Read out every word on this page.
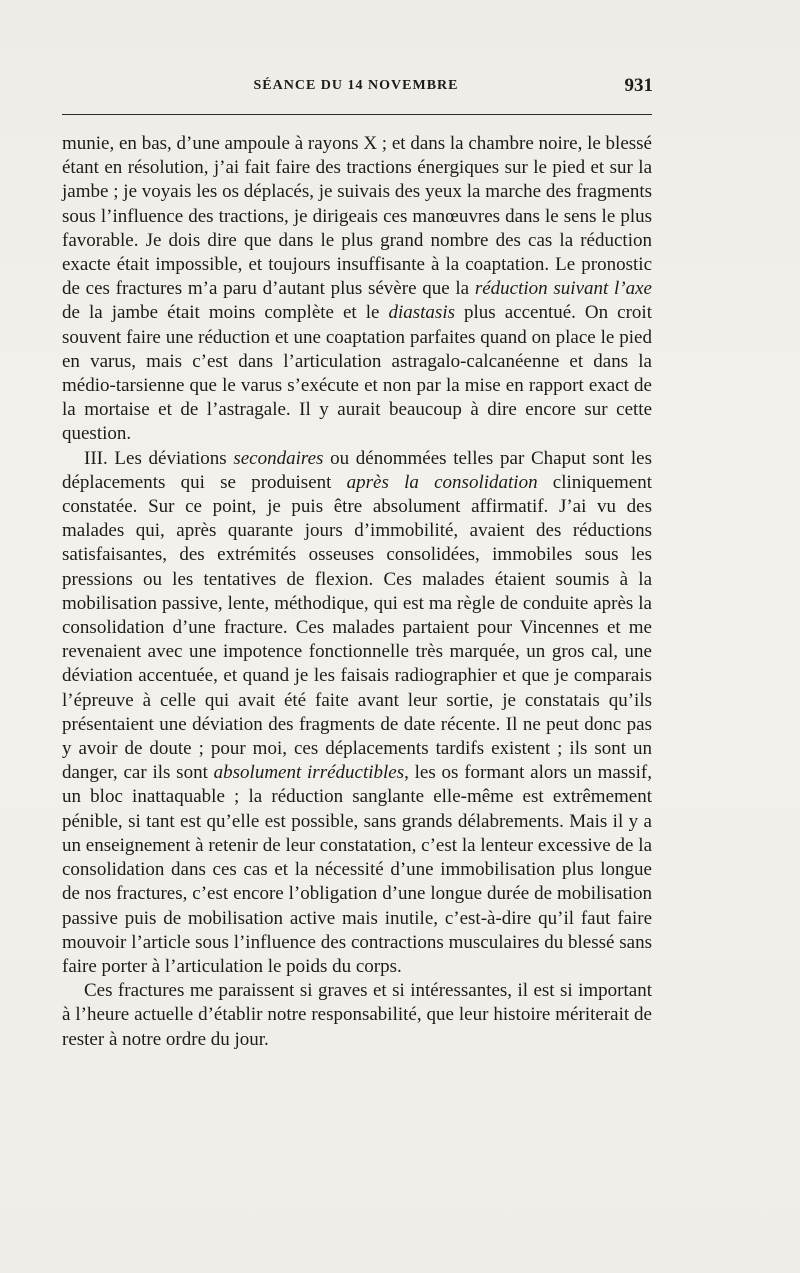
SÉANCE DU 14 NOVEMBRE	931

munie, en bas, d’une ampoule à rayons X ; et dans la chambre noire, le blessé étant en résolution, j’ai fait faire des tractions énergiques sur le pied et sur la jambe ; je voyais les os déplacés, je suivais des yeux la marche des fragments sous l’influence des tractions, je dirigeais ces manœuvres dans le sens le plus favorable. Je dois dire que dans le plus grand nombre des cas la réduction exacte était impossible, et toujours insuffisante à la coaptation. Le pronostic de ces fractures m’a paru d’autant plus sévère que la réduction suivant l’axe de la jambe était moins complète et le diastasis plus accentué. On croit souvent faire une réduction et une coaptation parfaites quand on place le pied en varus, mais c’est dans l’articulation astragalo-calcanéenne et dans la médio-tarsienne que le varus s’exécute et non par la mise en rapport exact de la mortaise et de l’astragale. Il y aurait beaucoup à dire encore sur cette question.

III. Les déviations secondaires ou dénommées telles par Chaput sont les déplacements qui se produisent après la consolidation cliniquement constatée. Sur ce point, je puis être absolument affirmatif. J’ai vu des malades qui, après quarante jours d’immobilité, avaient des réductions satisfaisantes, des extrémités osseuses consolidées, immobiles sous les pressions ou les tentatives de flexion. Ces malades étaient soumis à la mobilisation passive, lente, méthodique, qui est ma règle de conduite après la consolidation d’une fracture. Ces malades partaient pour Vincennes et me revenaient avec une impotence fonctionnelle très marquée, un gros cal, une déviation accentuée, et quand je les faisais radiographier et que je comparais l’épreuve à celle qui avait été faite avant leur sortie, je constatais qu’ils présentaient une déviation des fragments de date récente. Il ne peut donc pas y avoir de doute ; pour moi, ces déplacements tardifs existent ; ils sont un danger, car ils sont absolument irréductibles, les os formant alors un massif, un bloc inattaquable ; la réduction sanglante elle-même est extrêmement pénible, si tant est qu’elle est possible, sans grands délabrements. Mais il y a un enseignement à retenir de leur constatation, c’est la lenteur excessive de la consolidation dans ces cas et la nécessité d’une immobilisation plus longue de nos fractures, c’est encore l’obligation d’une longue durée de mobilisation passive puis de mobilisation active mais inutile, c’est-à-dire qu’il faut faire mouvoir l’article sous l’influence des contractions musculaires du blessé sans faire porter à l’articulation le poids du corps.

Ces fractures me paraissent si graves et si intéressantes, il est si important à l’heure actuelle d’établir notre responsabilité, que leur histoire mériterait de rester à notre ordre du jour.
